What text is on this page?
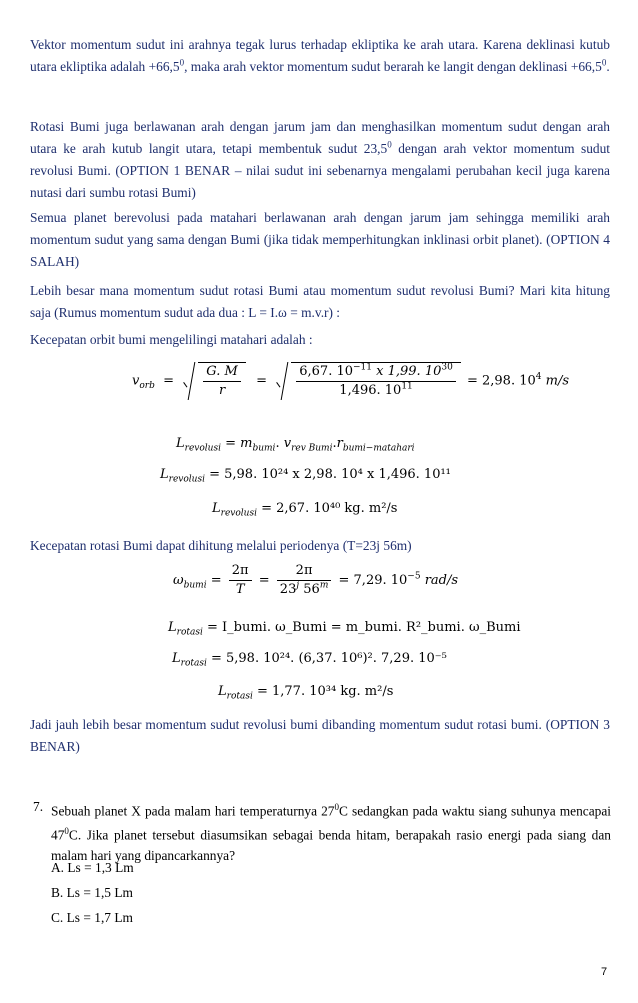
Vektor momentum sudut ini arahnya tegak lurus terhadap ekliptika ke arah utara. Karena deklinasi kutub utara ekliptika adalah $+66,5^0$, maka arah vektor momentum sudut berarah ke langit dengan deklinasi $+66,5^0$.
Rotasi Bumi juga berlawanan arah dengan jarum jam dan menghasilkan momentum sudut dengan arah utara ke arah kutub langit utara, tetapi membentuk sudut 23,5$^0$ dengan arah vektor momentum sudut revolusi Bumi. (OPTION 1 BENAR – nilai sudut ini sebenarnya mengalami perubahan kecil juga karena nutasi dari sumbu rotasi Bumi)
Semua planet berevolusi pada matahari berlawanan arah dengan jarum jam sehingga memiliki arah momentum sudut yang sama dengan Bumi (jika tidak memperhitungkan inklinasi orbit planet). (OPTION 4 SALAH)
Lebih besar mana momentum sudut rotasi Bumi atau momentum sudut revolusi Bumi? Mari kita hitung saja (Rumus momentum sudut ada dua : L = I.ω = m.v.r) :
Kecepatan orbit bumi mengelilingi matahari adalah :
$v_{orb} = \frac{G. M}{r} = \frac{6,67. 10^{-11} x 1,99. 10^{30}}{1,496. 10^{11}} = 2,98$. $10^4$ m/s
$L_{revolusi} = m_{bumi}$. $v_{rev Bumi}.r_{bumi-matahari}$
$L_{revolusi} = 5,98$. 10²⁴ x 2,98. 10⁴ x 1,496. 10¹¹
$L_{revolusi} = 2,67$. 10⁴⁰ kg. m²/s
Kecepatan rotasi Bumi dapat dihitung melalui periodenya (T=23j 56m)
$\omega_{bumi} = \frac{2\pi}{T} = \frac{2\pi}{23^j 56^m} = 7,29$. $10^{-5}$ rad/s
$L_{rotasi}$ = I_bumi. ω_Bumi = m_bumi. R²_bumi. ω_Bumi
$L_{rotasi} = 5,98$. 10²⁴. (6,37. 10⁶)². 7,29. 10⁻⁵
$L_{rotasi} = 1,77$. 10³⁴ kg. m²/s
Jadi jauh lebih besar momentum sudut revolusi bumi dibanding momentum sudut rotasi bumi. (OPTION 3 BENAR)
7. Sebuah planet X pada malam hari temperaturnya $27^0C$ sedangkan pada waktu siang suhunya mencapai $47^0C$. Jika planet tersebut diasumsikan sebagai benda hitam, berapakah rasio energi pada siang dan malam hari yang dipancarkannya?
A. Ls = 1,3 Lm
B. Ls = 1,5 Lm
C. Ls = 1,7 Lm
7
